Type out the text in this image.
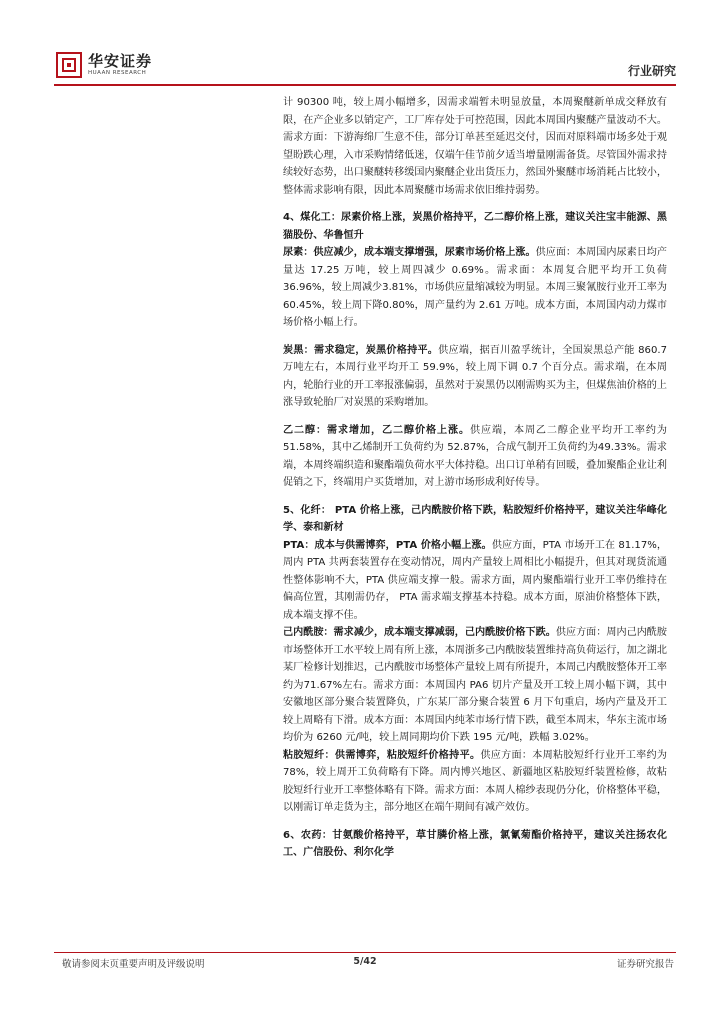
华安证券
HUAAN RESEARCH	行业研究

计 90300 吨，较上周小幅增多，因需求端暂未明显放量，本周聚醚新单成交释放有限，在产企业多以销定产，工厂库存处于可控范围，因此本周国内聚醚产量波动不大。需求方面：下游海绵厂生意不佳，部分订单甚至延迟交付，因而对原料端市场多处于观望盼跌心理，入市采购情绪低迷，仅端午佳节前夕适当增量刚需备货。尽管国外需求持续较好态势，出口聚醚转移缓国内聚醚企业出货压力，然国外聚醚市场消耗占比较小，整体需求影响有限，因此本周聚醚市场需求依旧维持弱势。

4、煤化工：尿素价格上涨，炭黑价格持平，乙二醇价格上涨，建议关注宝丰能源、黑猫股份、华鲁恒升

尿素：供应减少，成本端支撑增强，尿素市场价格上涨。供应面：本周国内尿素日均产量达 17.25 万吨，较上周四减少 0.69%。需求面：本周复合肥平均开工负荷36.96%，较上周减少3.81%，市场供应量缩减较为明显。本周三聚氰胺行业开工率为60.45%，较上周下降0.80%，周产量约为 2.61 万吨。成本方面，本周国内动力煤市场价格小幅上行。

炭黑：需求稳定，炭黑价格持平。供应端，据百川盈孚统计，全国炭黑总产能 860.7 万吨左右，本周行业平均开工 59.9%，较上周下调 0.7 个百分点。需求端，在本周内，轮胎行业的开工率报涨偏弱，虽然对于炭黑仍以刚需购买为主，但煤焦油价格的上涨导致轮胎厂对炭黑的采购增加。

乙二醇：需求增加，乙二醇价格上涨。供应端，本周乙二醇企业平均开工率约为 51.58%，其中乙烯制开工负荷约为 52.87%，合成气制开工负荷约为49.33%。需求端，本周终端织造和聚酯端负荷水平大体持稳。出口订单稍有回暖，叠加聚酯企业让利促销之下，终端用户买货增加，对上游市场形成利好传导。

5、化纤： PTA 价格上涨，己内酰胺价格下跌，粘胶短纤价格持平，建议关注华峰化学、泰和新材

PTA：成本与供需博弈，PTA 价格小幅上涨。供应方面，PTA 市场开工在 81.17%，周内 PTA 共两套装置存在变动情况，周内产量较上周相比小幅提升，但其对现货流通性整体影响不大，PTA 供应端支撑一般。需求方面，周内聚酯端行业开工率仍维持在偏高位置，其刚需仍存， PTA 需求端支撑基本持稳。成本方面，原油价格整体下跌，成本端支撑不佳。

己内酰胺：需求减少，成本端支撑减弱，己内酰胺价格下跌。供应方面：周内己内酰胺市场整体开工水平较上周有所上涨，本周浙多己内酰胺装置维持高负荷运行，加之湖北某厂检修计划推迟，己内酰胺市场整体产量较上周有所提升，本周己内酰胺整体开工率约为71.67%左右。需求方面：本周国内 PA6 切片产量及开工较上周小幅下调，其中安徽地区部分聚合装置降负，广东某厂部分聚合装置 6 月下旬重启，场内产量及开工较上周略有下滑。成本方面：本周国内纯苯市场行情下跌，截至本周末，华东主流市场均价为 6260 元/吨，较上周同期均价下跌 195 元/吨，跌幅 3.02%。

粘胶短纤：供需博弈，粘胶短纤价格持平。供应方面：本周粘胶短纤行业开工率约为 78%，较上周开工负荷略有下降。周内博兴地区、新疆地区粘胶短纤装置检修，故粘胶短纤行业开工率整体略有下降。需求方面：本周人棉纱表现仍分化，价格整体平稳，以刚需订单走货为主，部分地区在端午期间有减产效仿。

6、农药：甘氨酸价格持平，草甘膦价格上涨，氯氰菊酯价格持平，建议关注扬农化工、广信股份、利尔化学

敬请参阅末页重要声明及评级说明	5/42	证券研究报告
